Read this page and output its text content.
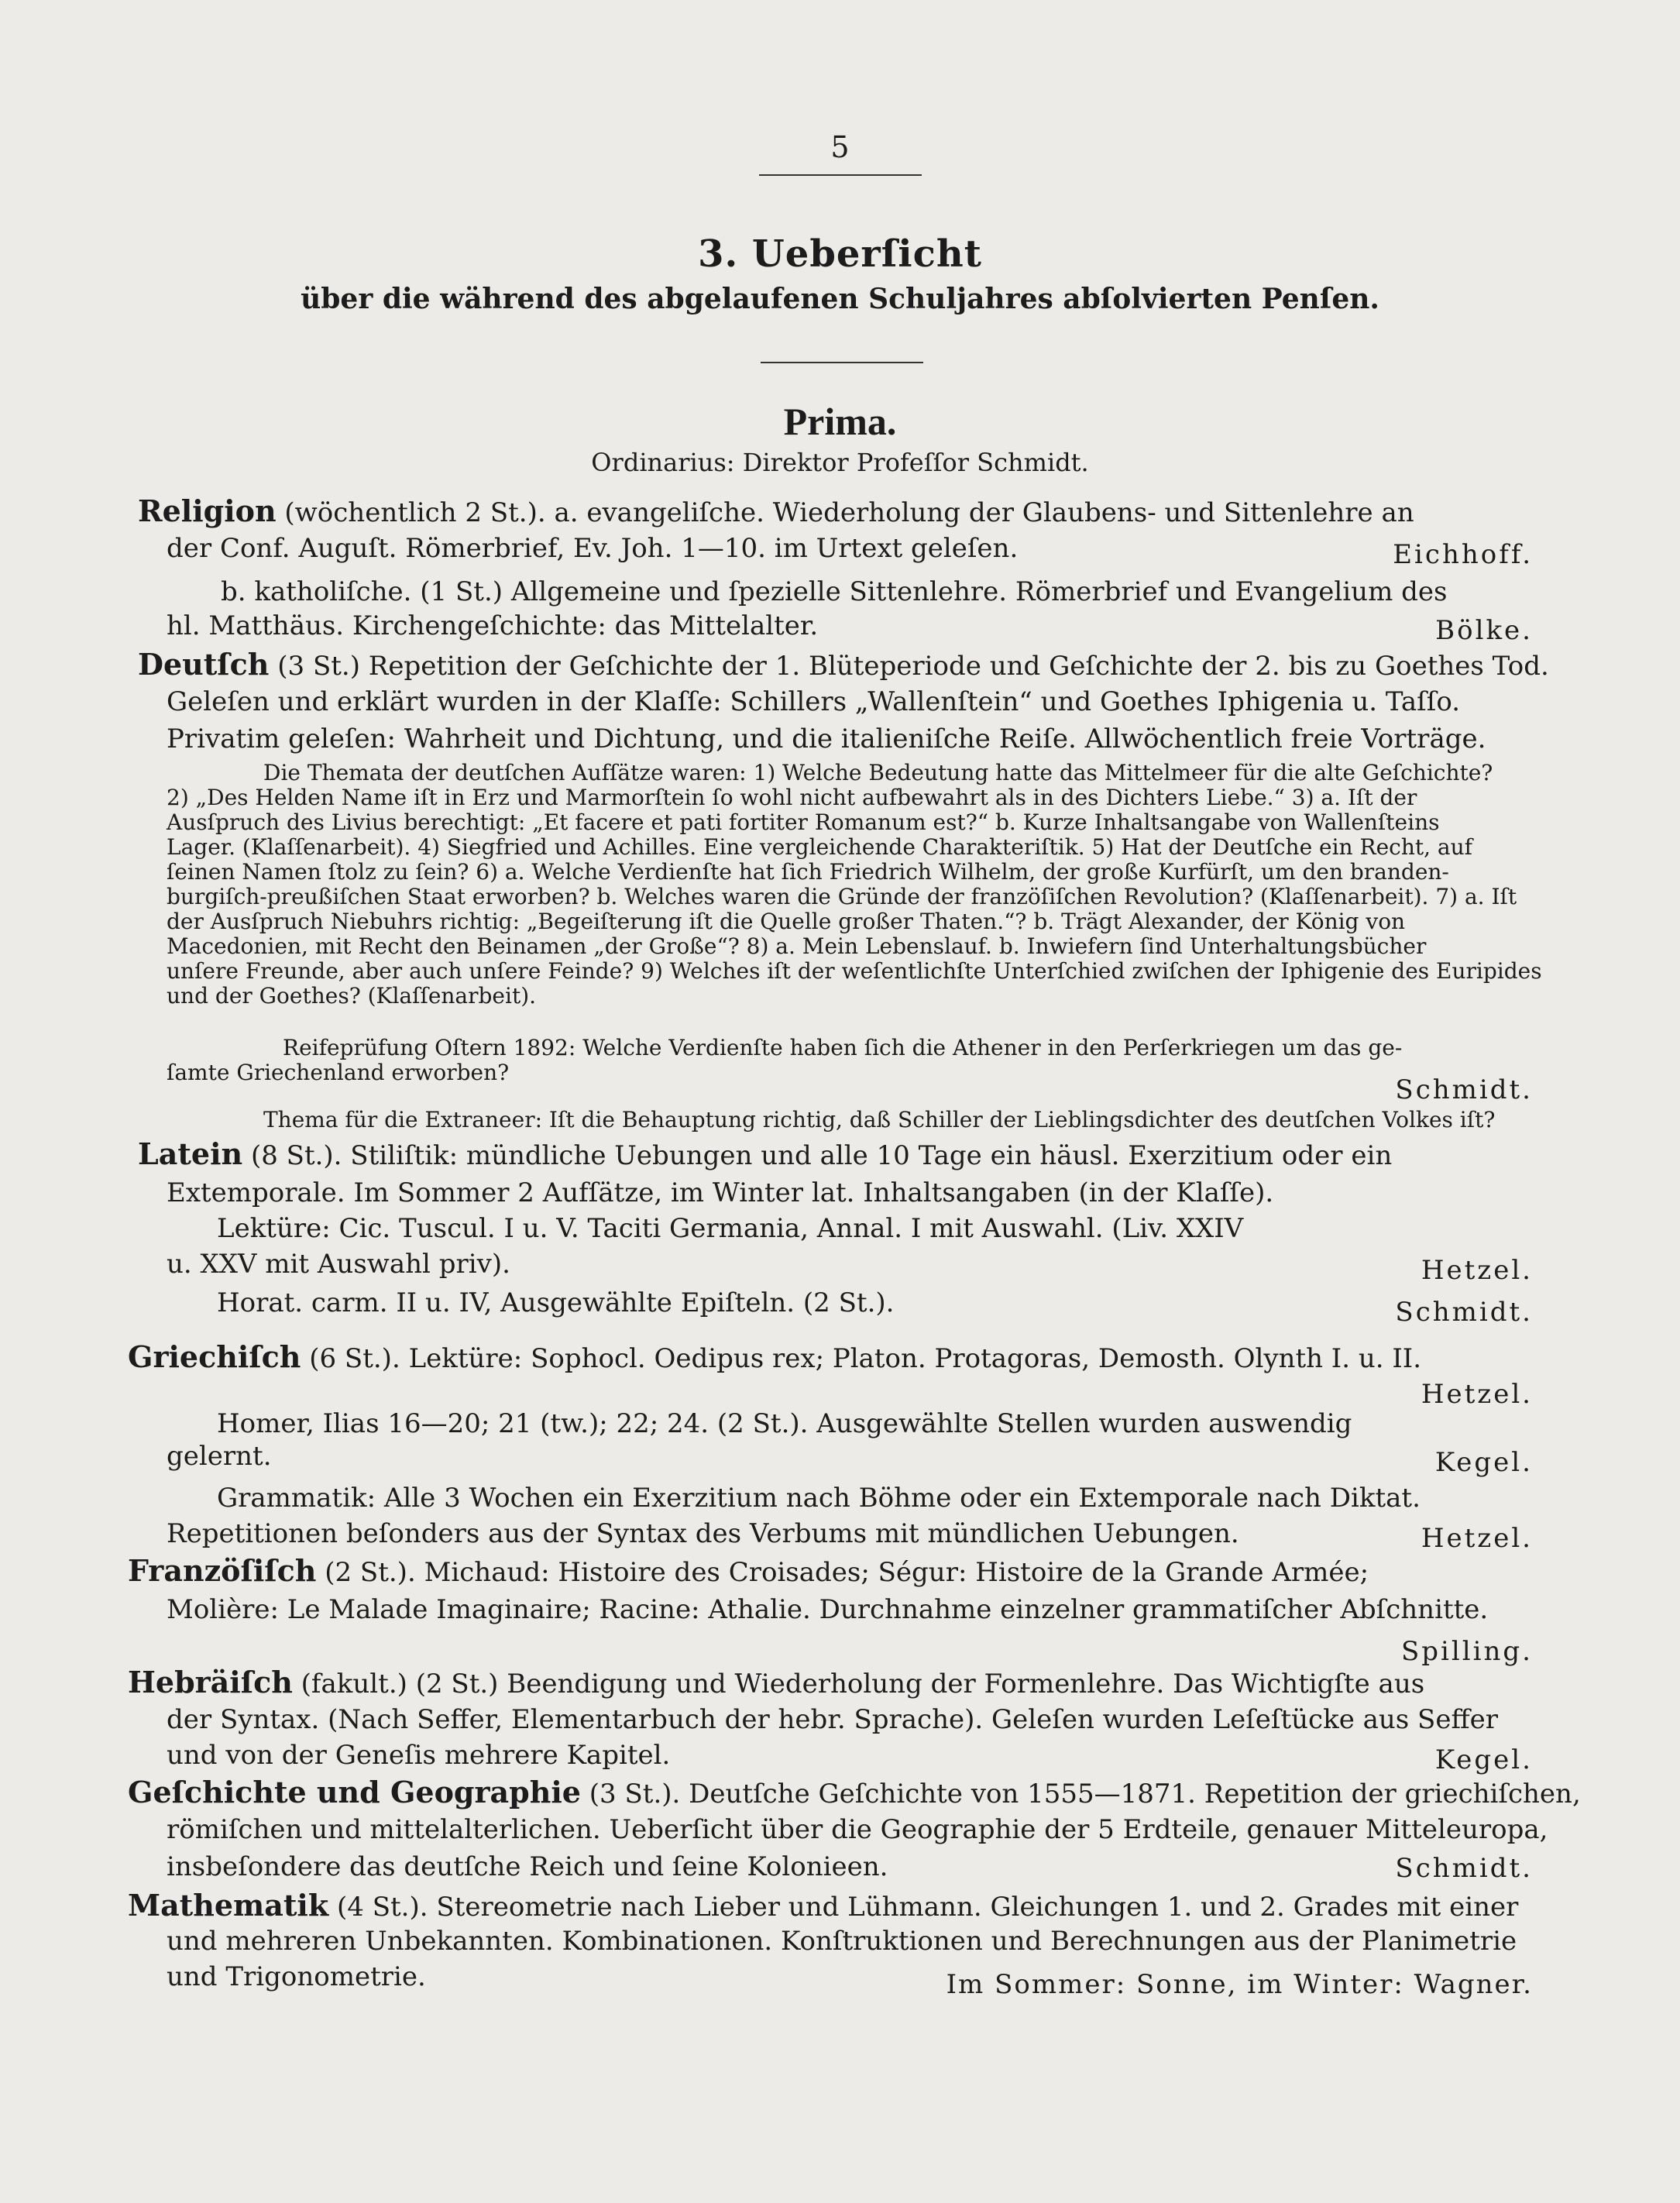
5
3. Ueberſicht
über die während des abgelaufenen Schuljahres abſolvierten Penſen.
Prima.
Ordinarius: Direktor Profeſſor Schmidt.
Religion (wöchentlich 2 St.). a. evangeliſche. Wiederholung der Glaubens- und Sittenlehre an
der Conf. Auguſt. Römerbrief, Ev. Joh. 1—10. im Urtext geleſen.	Eichhoff.
b. katholiſche. (1 St.) Allgemeine und ſpezielle Sittenlehre. Römerbrief und Evangelium des
hl. Matthäus. Kirchengeſchichte: das Mittelalter.	Bölke.
Deutſch (3 St.) Repetition der Geſchichte der 1. Blüteperiode und Geſchichte der 2. bis zu Goethes Tod.
Geleſen und erklärt wurden in der Klaſſe: Schillers „Wallenſtein“ und Goethes Iphigenia u. Taſſo.
Privatim geleſen: Wahrheit und Dichtung, und die italieniſche Reiſe. Allwöchentlich freie Vorträge.
Die Themata der deutſchen Aufſätze waren: 1) Welche Bedeutung hatte das Mittelmeer für die alte Geſchichte?
2) „Des Helden Name iſt in Erz und Marmorſtein ſo wohl nicht aufbewahrt als in des Dichters Liebe.“ 3) a. Iſt der
Ausſpruch des Livius berechtigt: „Et facere et pati fortiter Romanum est?“ b. Kurze Inhaltsangabe von Wallenſteins
Lager. (Klaſſenarbeit). 4) Siegfried und Achilles. Eine vergleichende Charakteriſtik. 5) Hat der Deutſche ein Recht, auf
ſeinen Namen ſtolz zu ſein? 6) a. Welche Verdienſte hat ſich Friedrich Wilhelm, der große Kurfürſt, um den branden-
burgiſch-preußiſchen Staat erworben? b. Welches waren die Gründe der franzöſiſchen Revolution? (Klaſſenarbeit). 7) a. Iſt
der Ausſpruch Niebuhrs richtig: „Begeiſterung iſt die Quelle großer Thaten.“? b. Trägt Alexander, der König von
Macedonien, mit Recht den Beinamen „der Große“? 8) a. Mein Lebenslauf. b. Inwiefern ſind Unterhaltungsbücher
unſere Freunde, aber auch unſere Feinde? 9) Welches iſt der weſentlichſte Unterſchied zwiſchen der Iphigenie des Euripides
und der Goethes? (Klaſſenarbeit).
Reifeprüfung Oſtern 1892: Welche Verdienſte haben ſich die Athener in den Perſerkriegen um das ge-
ſamte Griechenland erworben?
Schmidt.
Thema für die Extraneer: Iſt die Behauptung richtig, daß Schiller der Lieblingsdichter des deutſchen Volkes iſt?
Latein (8 St.). Stiliſtik: mündliche Uebungen und alle 10 Tage ein häusl. Exerzitium oder ein
Extemporale. Im Sommer 2 Aufſätze, im Winter lat. Inhaltsangaben (in der Klaſſe).
Lektüre: Cic. Tuscul. I u. V. Taciti Germania, Annal. I mit Auswahl. (Liv. XXIV
u. XXV mit Auswahl priv).	Hetzel.
Horat. carm. II u. IV, Ausgewählte Epiſteln. (2 St.).	Schmidt.
Griechiſch (6 St.). Lektüre: Sophocl. Oedipus rex; Platon. Protagoras, Demosth. Olynth I. u. II.
Hetzel.
Homer, Ilias 16—20; 21 (tw.); 22; 24. (2 St.). Ausgewählte Stellen wurden auswendig
gelernt.	Kegel.
Grammatik: Alle 3 Wochen ein Exerzitium nach Böhme oder ein Extemporale nach Diktat.
Repetitionen beſonders aus der Syntax des Verbums mit mündlichen Uebungen.	Hetzel.
Franzöſiſch (2 St.). Michaud: Histoire des Croisades; Ségur: Histoire de la Grande Armée;
Molière: Le Malade Imaginaire; Racine: Athalie. Durchnahme einzelner grammatiſcher Abſchnitte.
Spilling.
Hebräiſch (fakult.) (2 St.) Beendigung und Wiederholung der Formenlehre. Das Wichtigſte aus
der Syntax. (Nach Seffer, Elementarbuch der hebr. Sprache). Geleſen wurden Leſeſtücke aus Seffer
und von der Geneſis mehrere Kapitel.	Kegel.
Geſchichte und Geographie (3 St.). Deutſche Geſchichte von 1555—1871. Repetition der griechiſchen,
römiſchen und mittelalterlichen. Ueberſicht über die Geographie der 5 Erdteile, genauer Mitteleuropa,
insbeſondere das deutſche Reich und ſeine Kolonieen.	Schmidt.
Mathematik (4 St.). Stereometrie nach Lieber und Lühmann. Gleichungen 1. und 2. Grades mit einer
und mehreren Unbekannten. Kombinationen. Konſtruktionen und Berechnungen aus der Planimetrie
und Trigonometrie.	Im Sommer: Sonne, im Winter: Wagner.
